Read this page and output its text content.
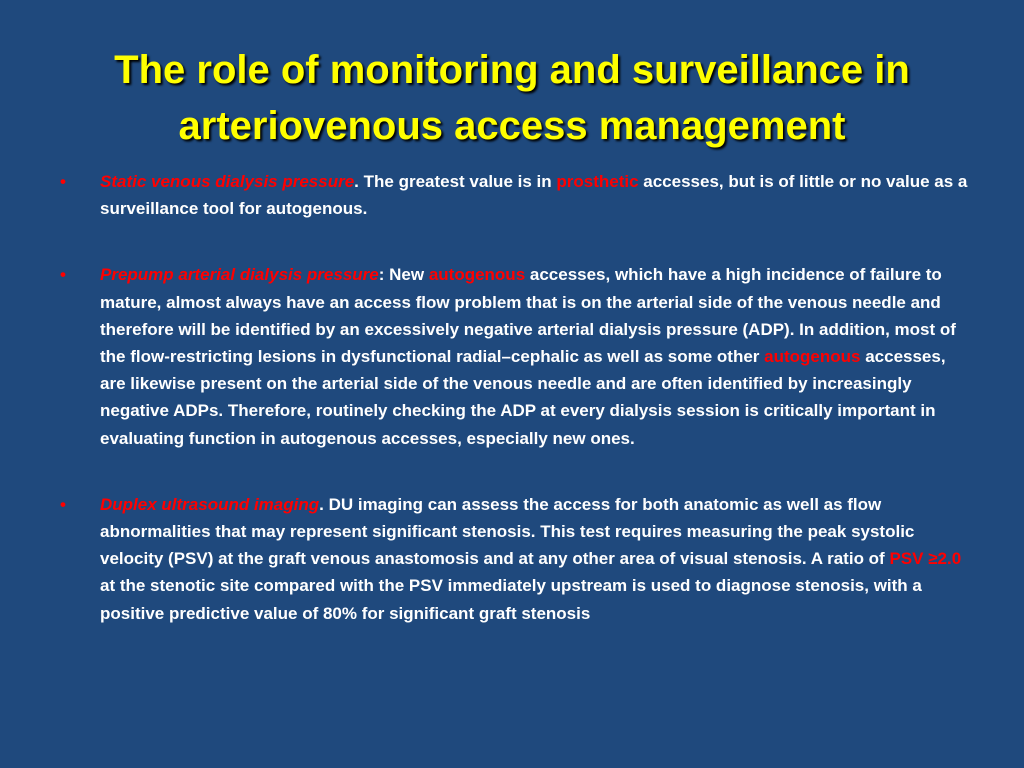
The role of monitoring and surveillance in
arteriovenous access management
• Static venous dialysis pressure. The greatest value is in prosthetic accesses, but is of little or no value as a surveillance tool for autogenous.
• Prepump arterial dialysis pressure: New autogenous accesses, which have a high incidence of failure to mature, almost always have an access flow problem that is on the arterial side of the venous needle and therefore will be identified by an excessively negative arterial dialysis pressure (ADP). In addition, most of the flow-restricting lesions in dysfunctional radial–cephalic as well as some other autogenous accesses, are likewise present on the arterial side of the venous needle and are often identified by increasingly negative ADPs. Therefore, routinely checking the ADP at every dialysis session is critically important in evaluating function in autogenous accesses, especially new ones.
• Duplex ultrasound imaging. DU imaging can assess the access for both anatomic as well as flow abnormalities that may represent significant stenosis. This test requires measuring the peak systolic velocity (PSV) at the graft venous anastomosis and at any other area of visual stenosis. A ratio of PSV ≥2.0 at the stenotic site compared with the PSV immediately upstream is used to diagnose stenosis, with a positive predictive value of 80% for significant graft stenosis
